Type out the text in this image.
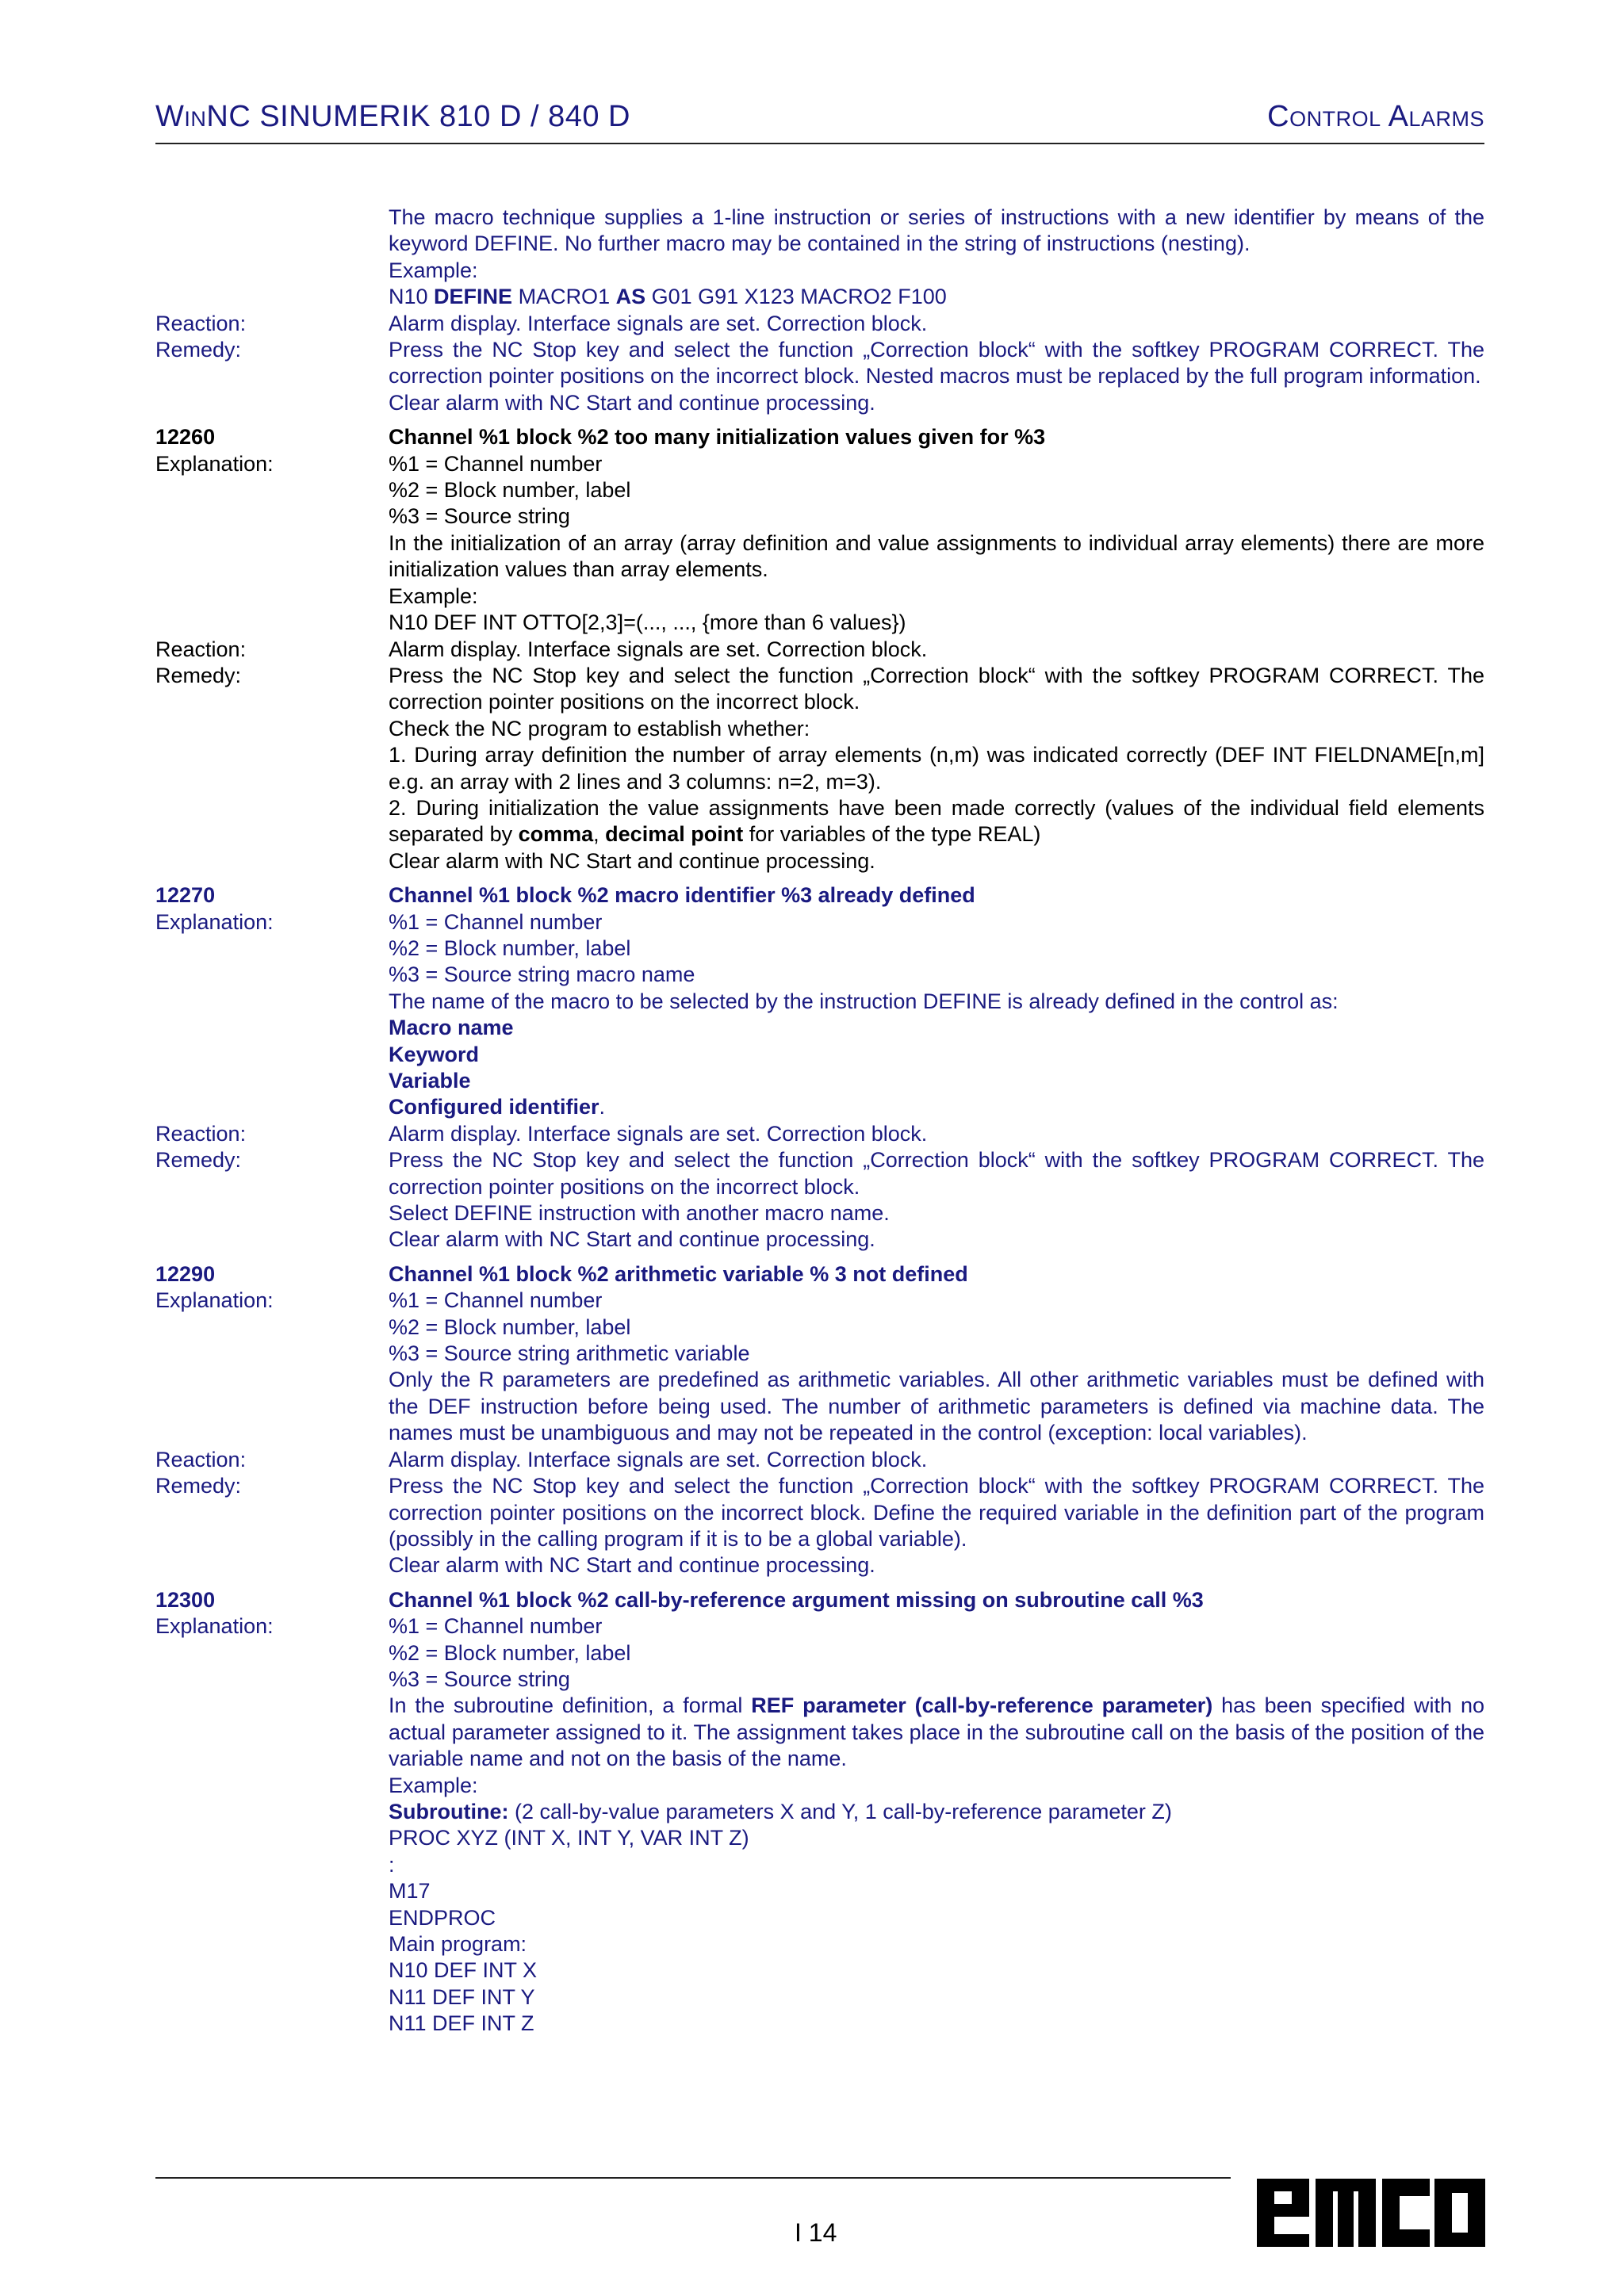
WINNC SINUMERIK 810 D / 840 D	CONTROL ALARMS
The macro technique supplies a 1-line instruction or series of instructions with a new identifier by means of the keyword DEFINE. No further macro may be contained in the string of instructions (nesting).
Example:
N10 DEFINE MACRO1 AS G01 G91 X123 MACRO2 F100
Reaction:	Alarm display. Interface signals are set. Correction block.
Remedy:	Press the NC Stop key and select the function „Correction block“ with the softkey PROGRAM CORRECT. The correction pointer positions on the incorrect block. Nested macros must be replaced by the full program information.
Clear alarm with NC Start and continue processing.
12260	Channel %1 block %2 too many initialization values given for %3
Explanation:	%1 = Channel number
%2 = Block number, label
%3 = Source string
In the initialization of an array (array definition and value assignments to individual array elements) there are more initialization values than array elements.
Example:
N10 DEF INT OTTO[2,3]=(..., ..., {more than 6 values})
Reaction:	Alarm display. Interface signals are set. Correction block.
Remedy:	Press the NC Stop key and select the function „Correction block“ with the softkey PROGRAM CORRECT. The correction pointer positions on the incorrect block.
Check the NC program to establish whether:
1. During array definition the number of array elements (n,m) was indicated correctly (DEF INT FIELDNAME[n,m] e.g. an array with 2 lines and 3 columns: n=2, m=3).
2. During initialization the value assignments have been made correctly (values of the individual field elements separated by comma, decimal point for variables of the type REAL)
Clear alarm with NC Start and continue processing.
12270	Channel %1 block %2 macro identifier %3 already defined
Explanation:	%1 = Channel number
%2 = Block number, label
%3 = Source string macro name
The name of the macro to be selected by the instruction DEFINE is already defined in the control as:
Macro name
Keyword
Variable
Configured identifier.
Reaction:	Alarm display. Interface signals are set. Correction block.
Remedy:	Press the NC Stop key and select the function „Correction block“ with the softkey PROGRAM CORRECT. The correction pointer positions on the incorrect block.
Select DEFINE instruction with another macro name.
Clear alarm with NC Start and continue processing.
12290	Channel %1 block %2 arithmetic variable % 3 not defined
Explanation:	%1 = Channel number
%2 = Block number, label
%3 = Source string arithmetic variable
Only the R parameters are predefined as arithmetic variables. All other arithmetic variables must be defined with the DEF instruction before being used. The number of arithmetic parameters is defined via machine data. The names must be unambiguous and may not be repeated in the control (exception: local variables).
Reaction:	Alarm display. Interface signals are set. Correction block.
Remedy:	Press the NC Stop key and select the function „Correction block“ with the softkey PROGRAM CORRECT. The correction pointer positions on the incorrect block. Define the required variable in the definition part of the program (possibly in the calling program if it is to be a global variable).
Clear alarm with NC Start and continue processing.
12300	Channel %1 block %2 call-by-reference argument missing on subroutine call %3
Explanation:	%1 = Channel number
%2 = Block number, label
%3 = Source string
In the subroutine definition, a formal REF parameter (call-by-reference parameter) has been specified with no actual parameter assigned to it. The assignment takes place in the subroutine call on the basis of the position of the variable name and not on the basis of the name.
Example:
Subroutine: (2 call-by-value parameters X and Y, 1 call-by-reference parameter Z)
PROC XYZ (INT X, INT Y, VAR INT Z)
:
M17
ENDPROC
Main program:
N10 DEF INT X
N11 DEF INT Y
N11 DEF INT Z
I 14
